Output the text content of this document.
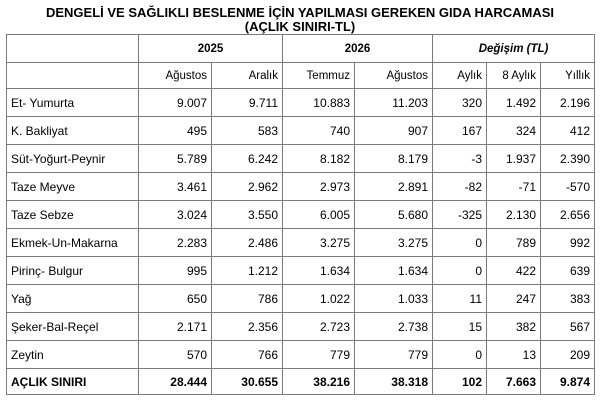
DENGELİ VE SAĞLIKLI BESLENME İÇİN YAPILMASI GEREKEN GIDA HARCAMASI
(AÇLIK SINIRI-TL)
	2025		2026		Değişim (TL)		
	Ağustos	Aralık	Temmuz	Ağustos	Aylık	8 Aylık	Yıllık
Et- Yumurta	9.007	9.711	10.883	11.203	320	1.492	2.196
K. Bakliyat	495	583	740	907	167	324	412
Süt-Yoğurt-Peynir	5.789	6.242	8.182	8.179	-3	1.937	2.390
Taze Meyve	3.461	2.962	2.973	2.891	-82	-71	-570
Taze Sebze	3.024	3.550	6.005	5.680	-325	2.130	2.656
Ekmek-Un-Makarna	2.283	2.486	3.275	3.275	0	789	992
Pirinç- Bulgur	995	1.212	1.634	1.634	0	422	639
Yağ	650	786	1.022	1.033	11	247	383
Şeker-Bal-Reçel	2.171	2.356	2.723	2.738	15	382	567
Zeytin	570	766	779	779	0	13	209
AÇLIK SINIRI	28.444	30.655	38.216	38.318	102	7.663	9.874
